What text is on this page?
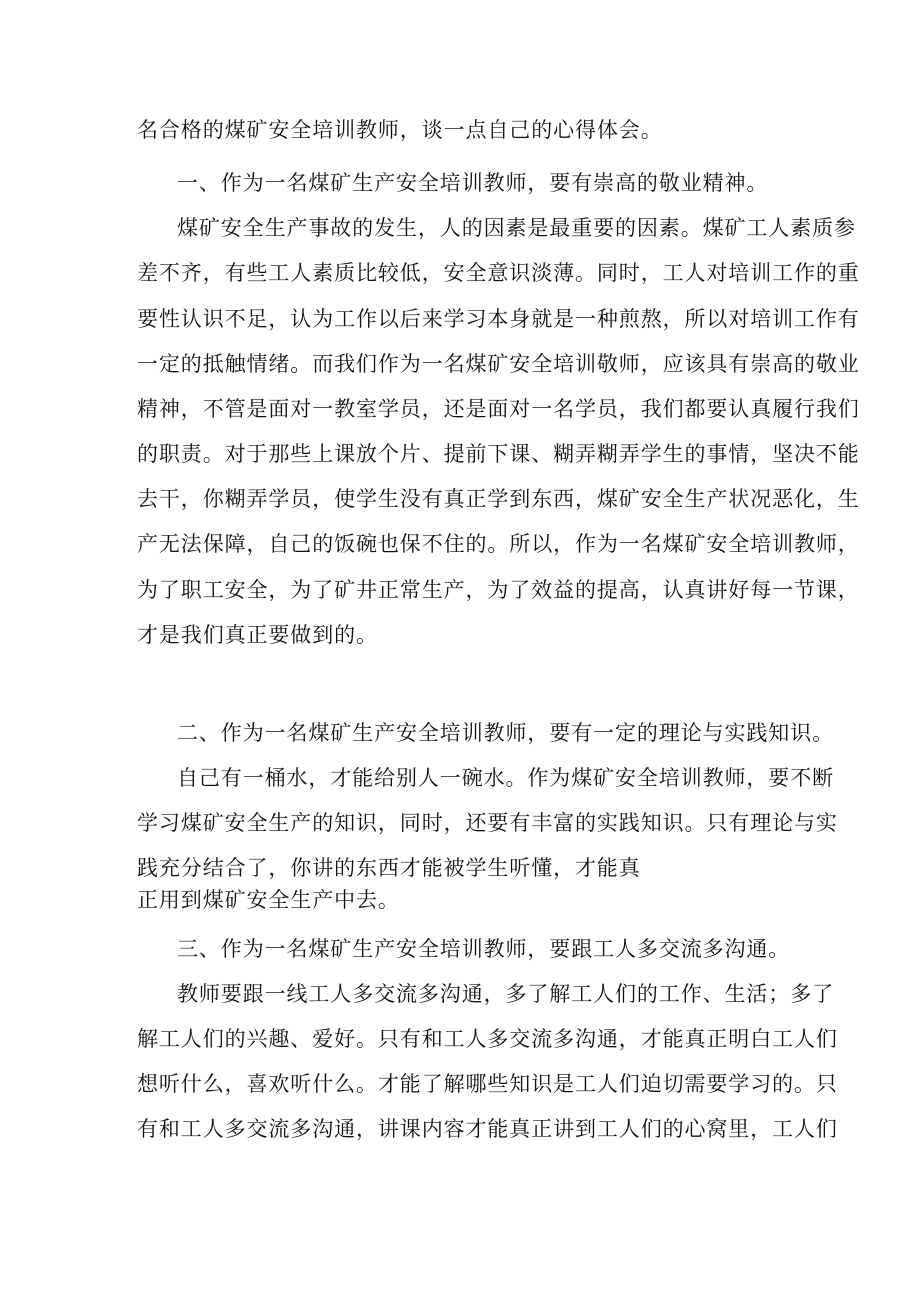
名合格的煤矿安全培训教师，谈一点自己的心得体会。

一、作为一名煤矿生产安全培训教师，要有崇高的敬业精神。

煤矿安全生产事故的发生，人的因素是最重要的因素。煤矿工人素质参

差不齐，有些工人素质比较低，安全意识淡薄。同时，工人对培训工作的重

要性认识不足，认为工作以后来学习本身就是一种煎熬，所以对培训工作有

一定的抵触情绪。而我们作为一名煤矿安全培训敬师，应该具有崇高的敬业

精神，不管是面对一教室学员，还是面对一名学员，我们都要认真履行我们

的职责。对于那些上课放个片、提前下课、糊弄糊弄学生的事情，坚决不能

去干，你糊弄学员，使学生没有真正学到东西，煤矿安全生产状况恶化，生

产无法保障，自己的饭碗也保不住的。所以，作为一名煤矿安全培训教师，

为了职工安全，为了矿井正常生产，为了效益的提高，认真讲好每一节课，

才是我们真正要做到的。

二、作为一名煤矿生产安全培训教师，要有一定的理论与实践知识。

自己有一桶水，才能给别人一碗水。作为煤矿安全培训教师，要不断

学习煤矿安全生产的知识，同时，还要有丰富的实践知识。只有理论与实

践充分结合了，你讲的东西才能被学生听懂，才能真

正用到煤矿安全生产中去。

三、作为一名煤矿生产安全培训教师，要跟工人多交流多沟通。

教师要跟一线工人多交流多沟通，多了解工人们的工作、生活；多了

解工人们的兴趣、爱好。只有和工人多交流多沟通，才能真正明白工人们

想听什么，喜欢听什么。才能了解哪些知识是工人们迫切需要学习的。只

有和工人多交流多沟通，讲课内容才能真正讲到工人们的心窝里，工人们
